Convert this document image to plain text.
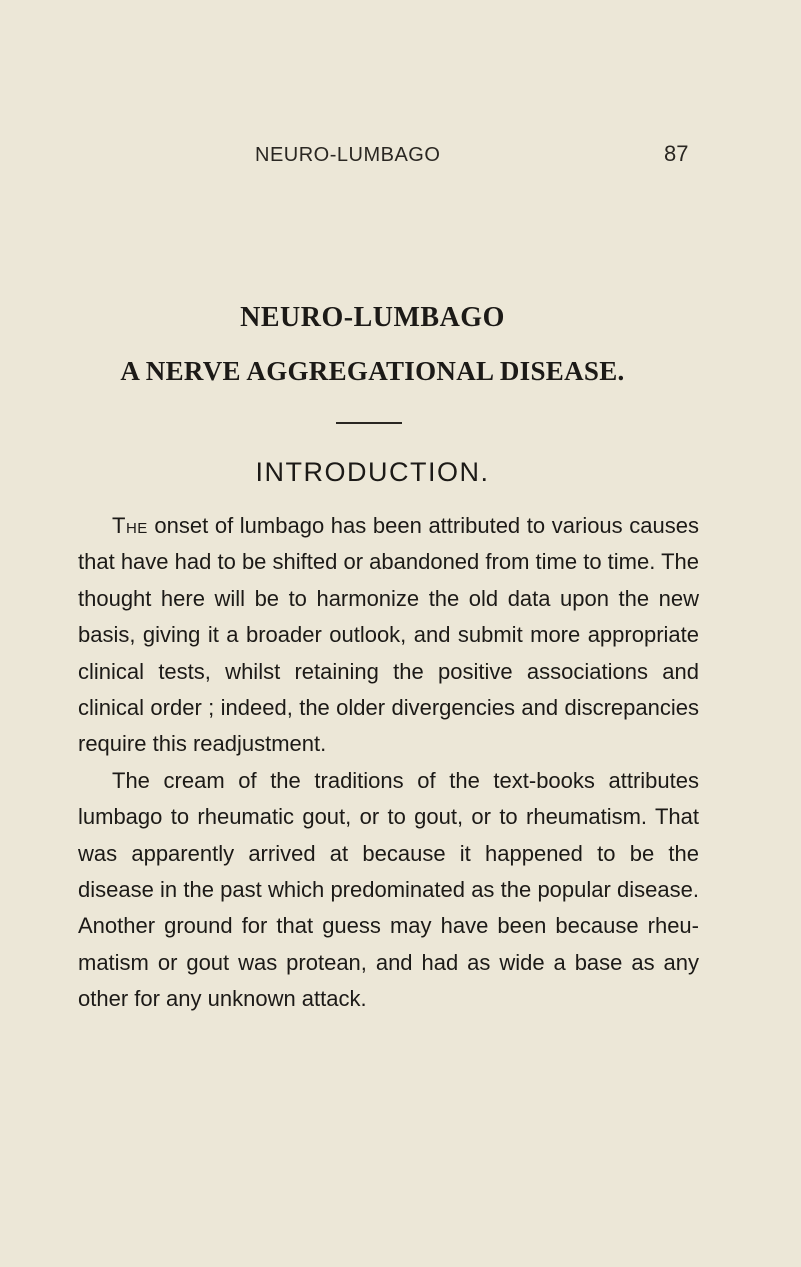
NEURO-LUMBAGO	87
NEURO-LUMBAGO
A NERVE AGGREGATIONAL DISEASE.
INTRODUCTION.

The onset of lumbago has been attributed to various causes that have had to be shifted or abandoned from time to time. The thought here will be to harmonize the old data upon the new basis, giving it a broader outlook, and submit more appropriate clinical tests, whilst retaining the positive associations and clinical order ; indeed, the older divergencies and discrepancies require this readjustment.

The cream of the traditions of the text-books attributes lumbago to rheumatic gout, or to gout, or to rheumatism. That was apparently arrived at because it happened to be the disease in the past which predominated as the popular disease. Another ground for that guess may have been because rheumatism or gout was protean, and had as wide a base as any other for any unknown attack.
